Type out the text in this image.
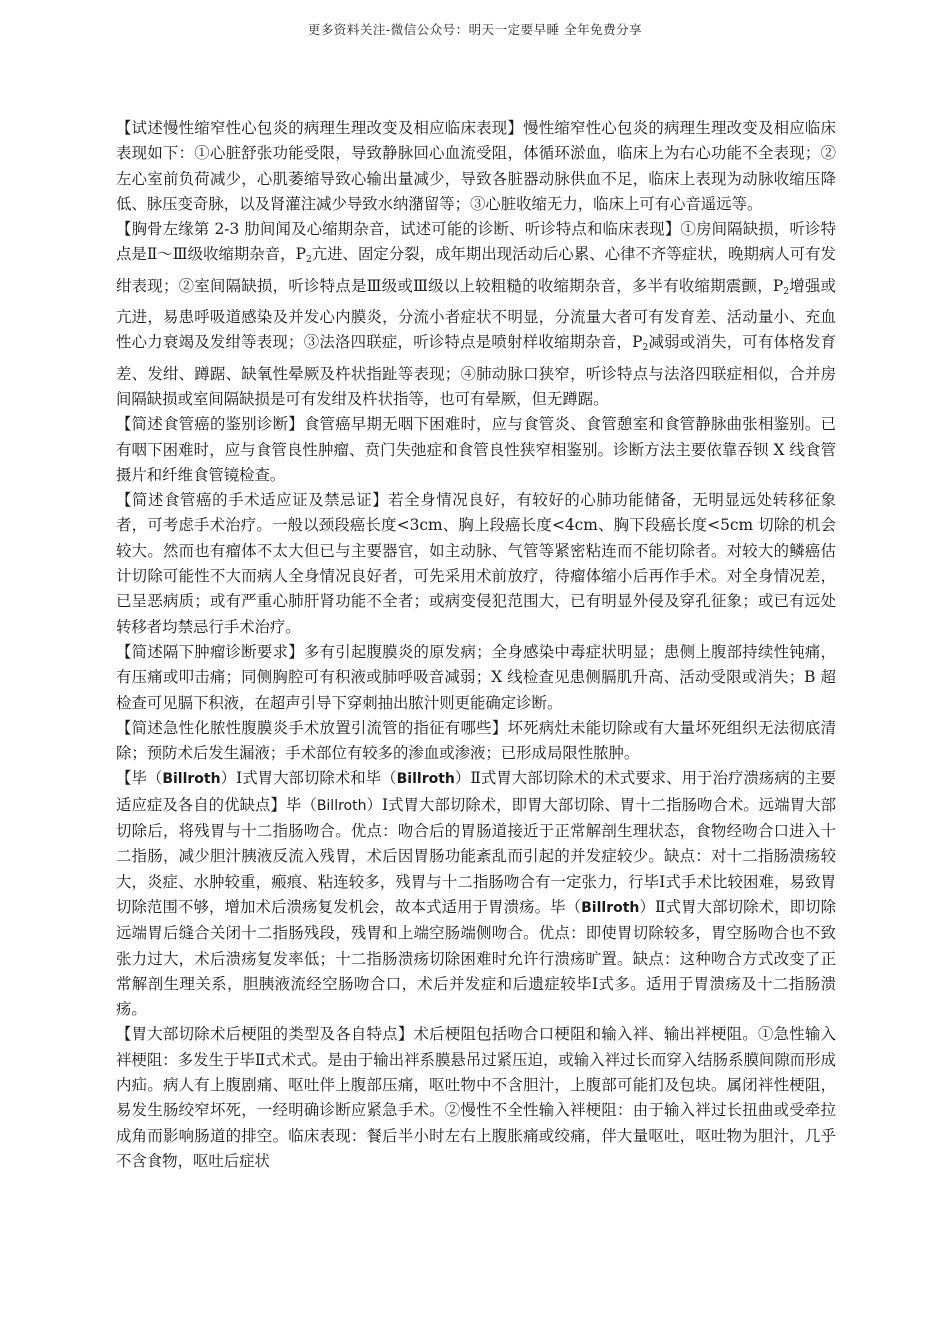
更多资料关注-微信公众号：明天一定要早睡 全年免费分享

【试述慢性缩窄性心包炎的病理生理改变及相应临床表现】慢性缩窄性心包炎的病理生理改变及相应临床表现如下：①心脏舒张功能受限，导致静脉回心血流受阻，体循环淤血，临床上为右心功能不全表现；②左心室前负荷减少，心肌萎缩导致心输出量减少，导致各脏器动脉供血不足，临床上表现为动脉收缩压降低、脉压变奇脉，以及肾灌注减少导致水纳潴留等；③心脏收缩无力，临床上可有心音遥远等。

【胸骨左缘第 2-3 肋间闻及心缩期杂音，试述可能的诊断、听诊特点和临床表现】①房间隔缺损，听诊特点是Ⅱ～Ⅲ级收缩期杂音，$P_2$亢进、固定分裂，成年期出现活动后心累、心律不齐等症状，晚期病人可有发绀表现；②室间隔缺损，听诊特点是Ⅲ级或Ⅲ级以上较粗糙的收缩期杂音，多半有收缩期震颤，$P_2$增强或亢进，易患呼吸道感染及并发心内膜炎，分流小者症状不明显，分流量大者可有发育差、活动量小、充血性心力衰竭及发绀等表现；③法洛四联症，听诊特点是喷射样收缩期杂音，$P_2$减弱或消失，可有体格发育差、发绀、蹲踞、缺氧性晕厥及杵状指趾等表现；④肺动脉口狭窄，听诊特点与法洛四联症相似，合并房间隔缺损或室间隔缺损是可有发绀及杵状指等，也可有晕厥，但无蹲踞。

【简述食管癌的鉴别诊断】食管癌早期无咽下困难时，应与食管炎、食管憩室和食管静脉曲张相鉴别。已有咽下困难时，应与食管良性肿瘤、贲门失弛症和食管良性狭窄相鉴别。诊断方法主要依靠吞钡 X 线食管摄片和纤维食管镜检查。

【简述食管癌的手术适应证及禁忌证】若全身情况良好，有较好的心肺功能储备，无明显远处转移征象者，可考虑手术治疗。一般以颈段癌长度<3cm、胸上段癌长度<4cm、胸下段癌长度<5cm 切除的机会较大。然而也有瘤体不太大但已与主要器官，如主动脉、气管等紧密粘连而不能切除者。对较大的鳞癌估计切除可能性不大而病人全身情况良好者，可先采用术前放疗，待瘤体缩小后再作手术。对全身情况差，已呈恶病质；或有严重心肺肝肾功能不全者；或病变侵犯范围大，已有明显外侵及穿孔征象；或已有远处转移者均禁忌行手术治疗。

【简述隔下肿瘤诊断要求】多有引起腹膜炎的原发病；全身感染中毒症状明显；患侧上腹部持续性钝痛，有压痛或叩击痛；同侧胸腔可有积液或肺呼吸音减弱；X 线检查见患侧膈肌升高、活动受限或消失；B 超检查可见膈下积液，在超声引导下穿刺抽出脓汁则更能确定诊断。

【简述急性化脓性腹膜炎手术放置引流管的指征有哪些】坏死病灶未能切除或有大量坏死组织无法彻底清除；预防术后发生漏液；手术部位有较多的渗血或渗液；已形成局限性脓肿。

【毕（Billroth）Ⅰ式胃大部切除术和毕（Billroth）Ⅱ式胃大部切除术的术式要求、用于治疗溃疡病的主要适应症及各自的优缺点】毕（Billroth）Ⅰ式胃大部切除术，即胃大部切除、胃十二指肠吻合术。远端胃大部切除后，将残胃与十二指肠吻合。优点：吻合后的胃肠道接近于正常解剖生理状态，食物经吻合口进入十二指肠，减少胆汁胰液反流入残胃，术后因胃肠功能紊乱而引起的并发症较少。缺点：对十二指肠溃疡较大，炎症、水肿较重，瘢痕、粘连较多，残胃与十二指肠吻合有一定张力，行毕Ⅰ式手术比较困难，易致胃切除范围不够，增加术后溃疡复发机会，故本式适用于胃溃疡。毕（Billroth）Ⅱ式胃大部切除术，即切除远端胃后缝合关闭十二指肠残段，残胃和上端空肠端侧吻合。优点：即使胃切除较多，胃空肠吻合也不致张力过大，术后溃疡复发率低；十二指肠溃疡切除困难时允许行溃疡旷置。缺点：这种吻合方式改变了正常解剖生理关系，胆胰液流经空肠吻合口，术后并发症和后遗症较毕Ⅰ式多。适用于胃溃疡及十二指肠溃疡。

【胃大部切除术后梗阻的类型及各自特点】术后梗阻包括吻合口梗阻和输入袢、输出袢梗阻。①急性输入袢梗阻：多发生于毕Ⅱ式术式。是由于输出袢系膜悬吊过紧压迫，或输入袢过长而穿入结肠系膜间隙而形成内疝。病人有上腹剧痛、呕吐伴上腹部压痛，呕吐物中不含胆汁，上腹部可能扪及包块。属闭袢性梗阻，易发生肠绞窄坏死，一经明确诊断应紧急手术。②慢性不全性输入袢梗阻：由于输入袢过长扭曲或受牵拉成角而影响肠道的排空。临床表现：餐后半小时左右上腹胀痛或绞痛，伴大量呕吐，呕吐物为胆汁，几乎不含食物，呕吐后症状
